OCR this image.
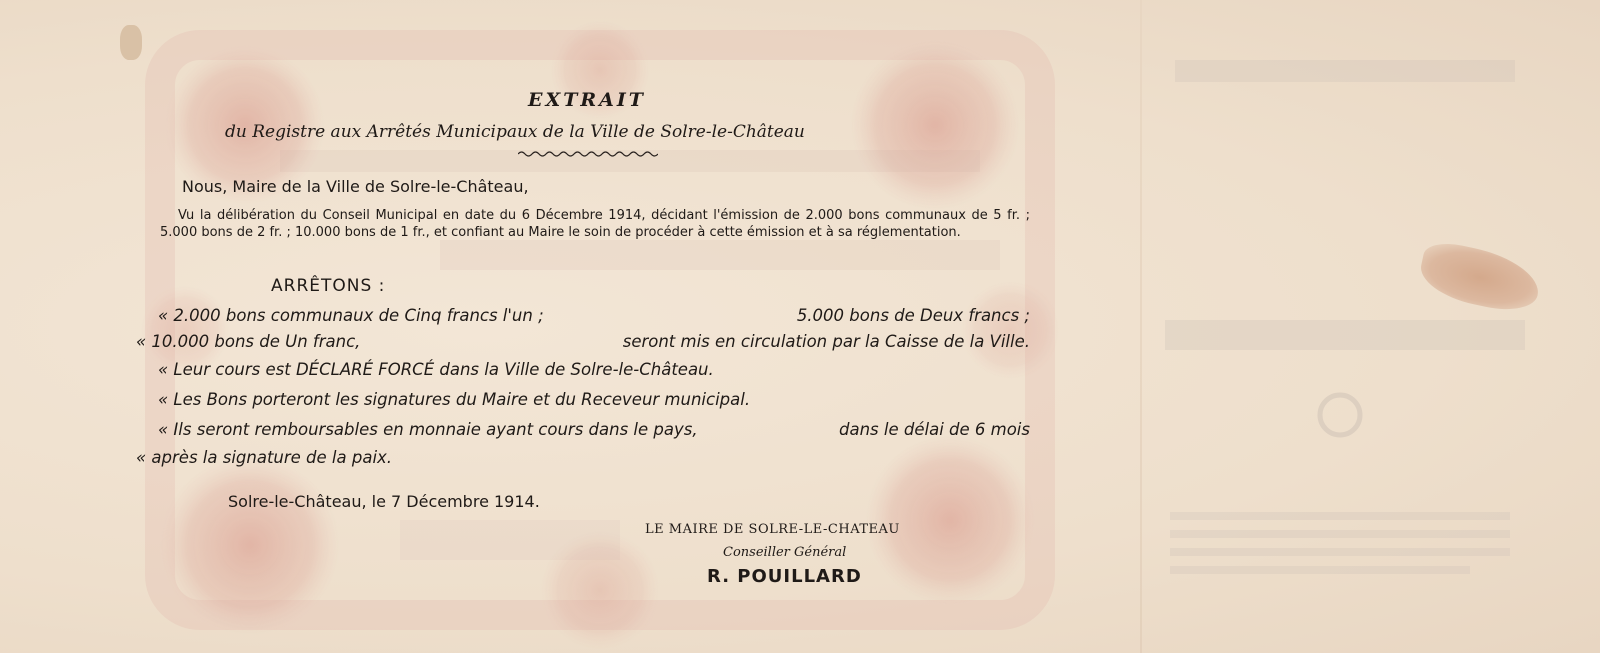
EXTRAIT
du Registre aux Arrêtés Municipaux de la Ville de Solre-le-Château
Nous, Maire de la Ville de Solre-le-Château,
Vu la délibération du Conseil Municipal en date du 6 Décembre 1914, décidant l'émission de 2.000 bons communaux de 5 fr. ; 5.000 bons de 2 fr. ; 10.000 bons de 1 fr., et confiant au Maire le soin de procéder à cette émission et à sa réglementation.
ARRÊTONS :
« 2.000 bons communaux de Cinq francs l'un ;	5.000 bons de Deux francs ;
« 10.000 bons de Un franc,	seront mis en circulation par la Caisse de la Ville.
« Leur cours est DÉCLARÉ FORCÉ dans la Ville de Solre-le-Château.
« Les Bons porteront les signatures du Maire et du Receveur municipal.
« Ils seront remboursables en monnaie ayant cours dans le pays,	dans le délai de 6 mois
« après la signature de la paix.
Solre-le-Château, le 7 Décembre 1914.
LE MAIRE DE SOLRE-LE-CHATEAU
Conseiller Général
R. POUILLARD
